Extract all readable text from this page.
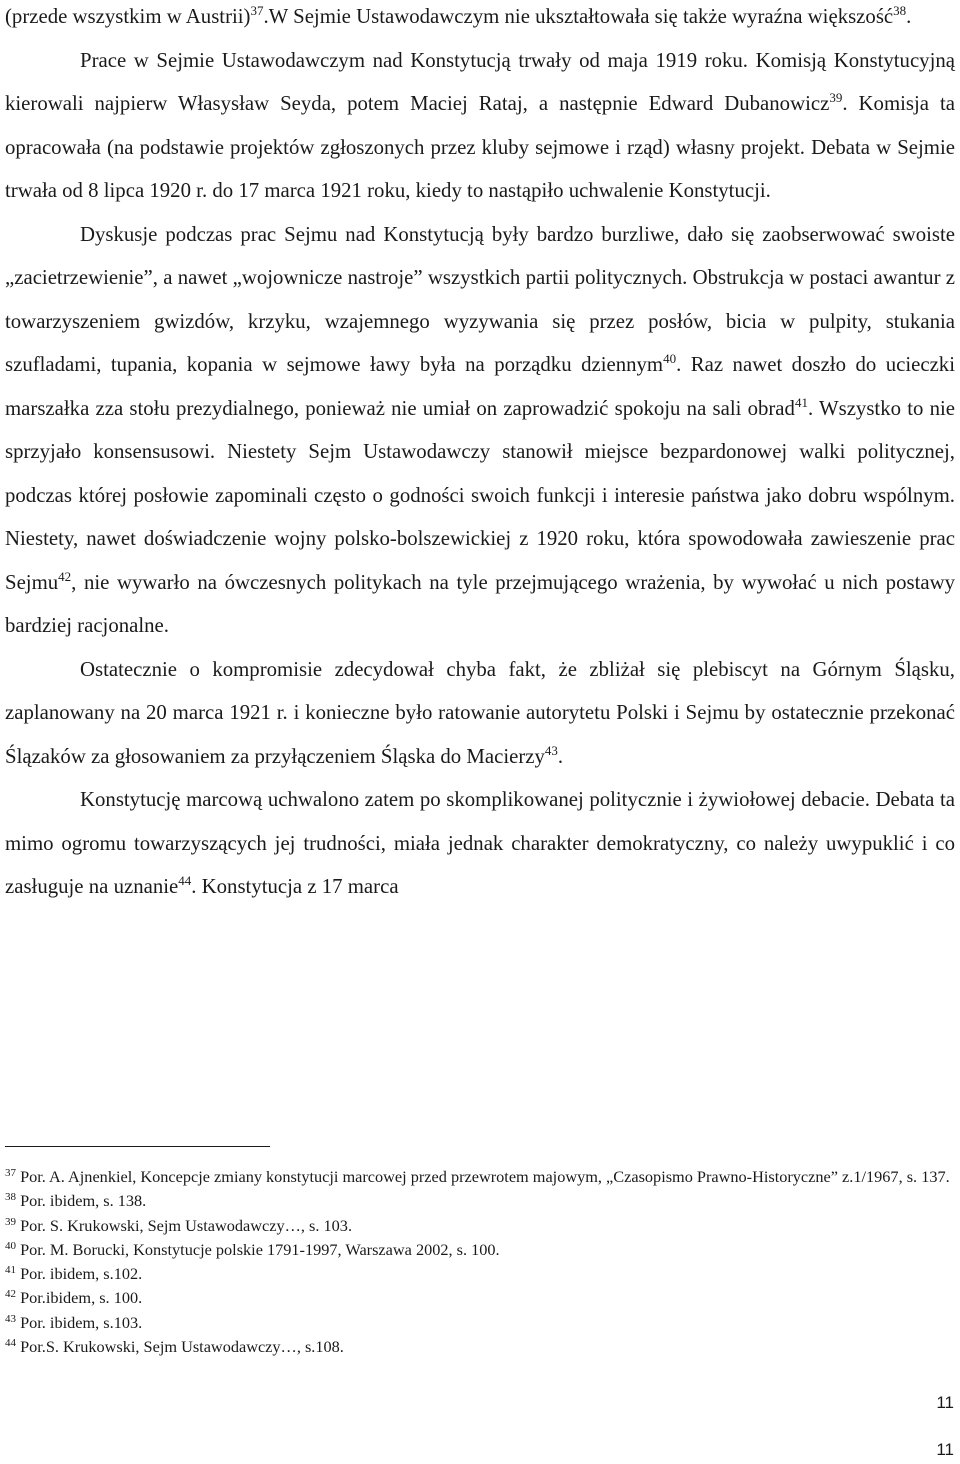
(przede wszystkim w Austrii)$^{37}$.W Sejmie Ustawodawczym nie ukształtowała się także wyraźna większość$^{38}$.

Prace w Sejmie Ustawodawczym nad Konstytucją trwały od maja 1919 roku. Komisją Konstytucyjną kierowali najpierw Własysław Seyda, potem Maciej Rataj, a następnie Edward Dubanowicz$^{39}$. Komisja ta opracowała (na podstawie projektów zgłoszonych przez kluby sejmowe i rząd) własny projekt. Debata w Sejmie trwała od 8 lipca 1920 r. do 17 marca 1921 roku, kiedy to nastąpiło uchwalenie Konstytucji.

Dyskusje podczas prac Sejmu nad Konstytucją były bardzo burzliwe, dało się zaobserwować swoiste „zacietrzewienie”, a nawet „wojownicze nastroje” wszystkich partii politycznych. Obstrukcja w postaci awantur z towarzyszeniem gwizdów, krzyku, wzajemnego wyzywania się przez posłów, bicia w pulpity, stukania szufladami, tupania, kopania w sejmowe ławy była na porządku dziennym$^{40}$. Raz nawet doszło do ucieczki marszałka zza stołu prezydialnego, ponieważ nie umiał on zaprowadzić spokoju na sali obrad$^{41}$. Wszystko to nie sprzyjało konsensusowi. Niestety Sejm Ustawodawczy stanowił miejsce bezpardonowej walki politycznej, podczas której posłowie zapominali często o godności swoich funkcji i interesie państwa jako dobru wspólnym. Niestety, nawet doświadczenie wojny polsko-bolszewickiej z 1920 roku, która spowodowała zawieszenie prac Sejmu$^{42}$, nie wywarło na ówczesnych politykach na tyle przejmującego wrażenia, by wywołać u nich postawy bardziej racjonalne.

Ostatecznie o kompromisie zdecydował chyba fakt, że zbliżał się plebiscyt na Górnym Śląsku, zaplanowany na 20 marca 1921 r. i konieczne było ratowanie autorytetu Polski i Sejmu by ostatecznie przekonać Ślązaków za głosowaniem za przyłączeniem Śląska do Macierzy$^{43}$.

Konstytucję marcową uchwalono zatem po skomplikowanej politycznie i żywiołowej debacie. Debata ta mimo ogromu towarzyszących jej trudności, miała jednak charakter demokratyczny, co należy uwypuklić i co zasługuje na uznanie$^{44}$. Konstytucja z 17 marca

$^{37}$ Por. A. Ajnenkiel, Koncepcje zmiany konstytucji marcowej przed przewrotem majowym, „Czasopismo Prawno-Historyczne” z.1/1967, s. 137.

$^{38}$ Por. ibidem, s. 138.

$^{39}$ Por. S. Krukowski, Sejm Ustawodawczy…, s. 103.

$^{40}$ Por. M. Borucki, Konstytucje polskie 1791-1997, Warszawa 2002, s. 100.

$^{41}$ Por. ibidem, s.102.

$^{42}$ Por.ibidem, s. 100.

$^{43}$ Por. ibidem, s.103.

$^{44}$ Por.S. Krukowski, Sejm Ustawodawczy…, s.108.

11
11
